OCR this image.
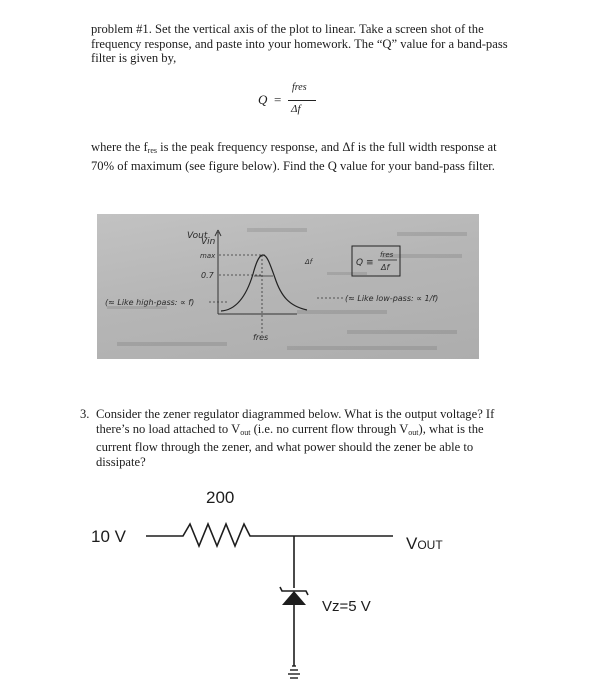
problem #1. Set the vertical axis of the plot to linear. Take a screen shot of the frequency response, and paste into your homework. The “Q” value for a band-pass filter is given by,
Q =
fres
Δf
where the $f_{res}$ is the peak frequency response, and Δf is the full width response at 70% of maximum (see figure below). Find the Q value for your band-pass filter.
Vout
Vin
max
0.7
Δf
fres
Q ≡
fres
Δf
(≈ Like high-pass: ∝ f)	(≈ Like low-pass: ∝ 1/f)
3. Consider the zener regulator diagrammed below. What is the output voltage? If there’s no load attached to $V_{out}$ (i.e. no current flow through $V_{out}$), what is the current flow through the zener, and what power should the zener be able to dissipate?
200
10 V	VOUT
Vz=5 V
